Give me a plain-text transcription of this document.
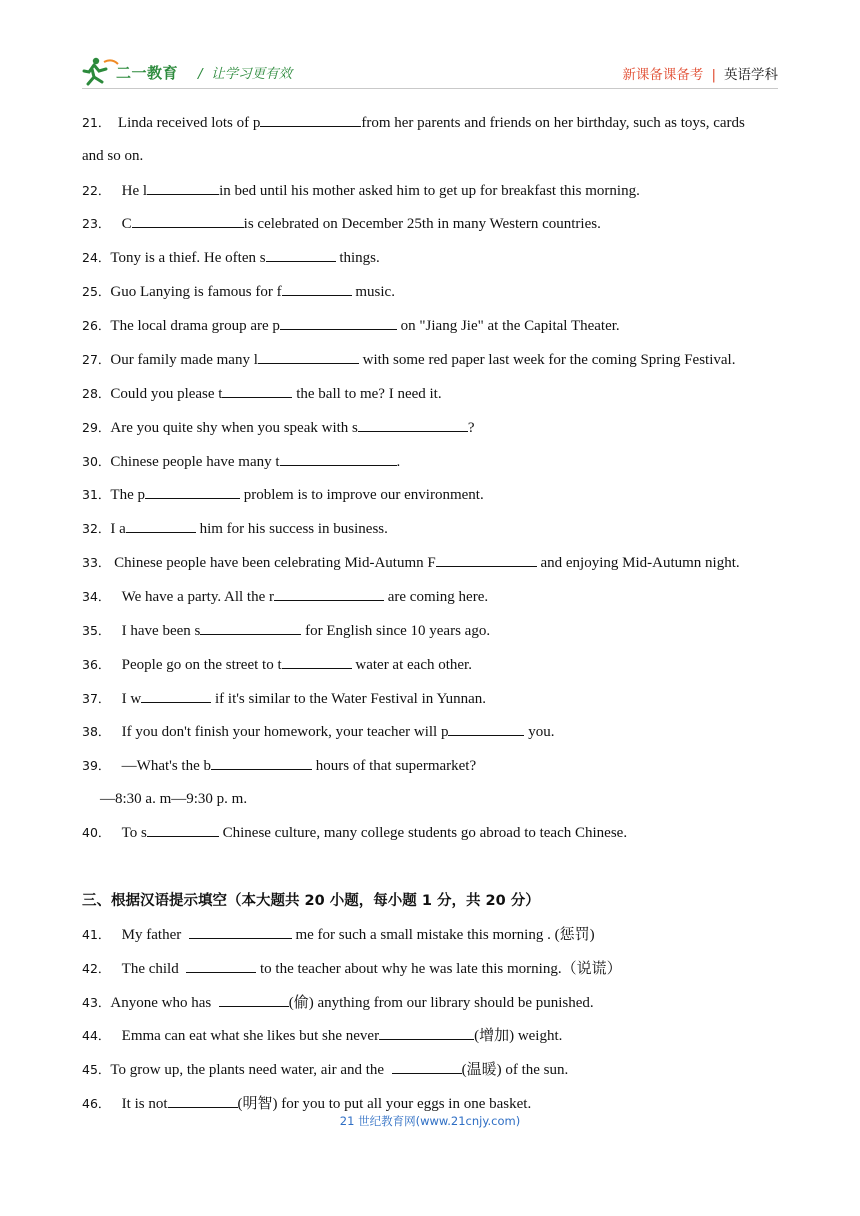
二一教育 /  让学习更有效	新课备课备考 | 英语学科
21． Linda received lots of p	from her parents and friends on her birthday, such as toys, cards
and so on.
22． He l	in bed until his mother asked him to get up for breakfast this morning.
23． C	is celebrated on December 25th in many Western countries.
24．Tony is a thief. He often s	things.
25．Guo Lanying is famous for f	music.
26．The local drama group are p	on "Jiang Jie" at the Capital Theater.
27．Our family made many l	with some red paper last week for the coming Spring Festival.
28．Could you please t	the ball to me? I need it.
29．Are you quite shy when you speak with s	?
30．Chinese people have many t	.
31．The p	problem is to improve our environment.
32．I a	him for his success in business.
33． Chinese people have been celebrating Mid-Autumn F	and enjoying Mid-Autumn night.
34． We have a party. All the r	are coming here.
35． I have been s	for English since 10 years ago.
36． People go on the street to t	water at each other.
37． I w	if it's similar to the Water Festival in Yunnan.
38． If you don't finish your homework, your teacher will p	you.
39． —What's the b	hours of that supermarket?
—8:30 a. m—9:30 p. m.
40． To s	Chinese culture, many college students go abroad to teach Chinese.
三、根据汉语提示填空（本大题共 20 小题，每小题 1 分，共 20 分）
41． My father	me for such a small mistake this morning . (惩罚)
42． The child	to the teacher about why he was late this morning.（说谎）
43．Anyone who has	(偷) anything from our library should be punished.
44． Emma can eat what she likes but she never	(增加) weight.
45．To grow up, the plants need water, air and the	(温暖) of the sun.
46． It is not	(明智) for you to put all your eggs in one basket.
21 世纪教育网(www.21cnjy.com)
